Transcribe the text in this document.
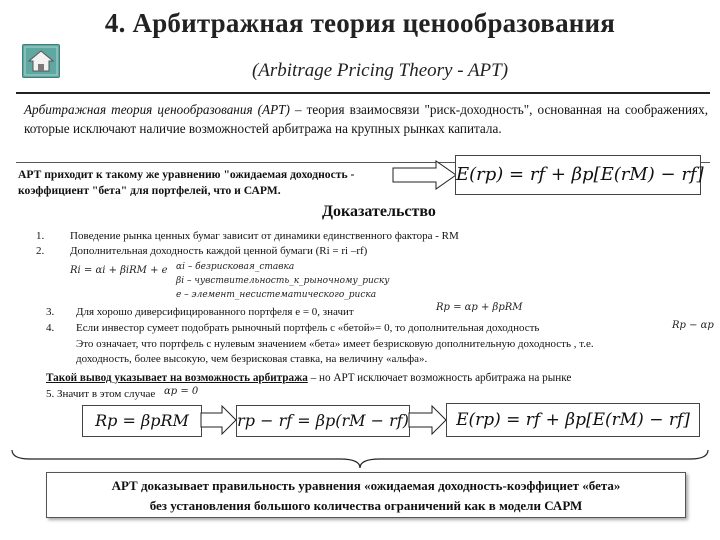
4. Арбитражная теория ценообразования
(Arbitrage Pricing Theory - APT)
Арбитражная теория ценообразования (APT) – теория взаимосвязи "риск-доходность", основанная на соображениях, которые исключают наличие возможностей арбитража на крупных рынках капитала.
АРТ приходит к такому же уравнению "ожидаемая доходность - коэффициент "бета" для портфелей, что и САРМ.
E(rp) = rf + βp[E(rM) − rf]
Доказательство
1. Поведение рынка ценных бумаг зависит от динамики единственного фактора - RM
2. Дополнительная доходность каждой ценной бумаги (Ri = ri –rf)
Ri = αi + βiRM + e αi – безрисковая_ставка
βi – чувствительность_к_рыночному_риску
e – элемент_несистематического_риска
3. Для хорошо диверсифицированного портфеля e = 0, значит	Rp = αp + βpRM
4. Если инвестор сумеет подобрать рыночный портфель с «бетой»= 0, то дополнительная доходность	Rp − αp
Это означает, что портфель с нулевым значением «бета» имеет безрисковую дополнительную доходность , т.е. доходность, более высокую, чем безрисковая ставка, на величину «альфа».
Такой вывод указывает на возможность арбитража – но APT исключает возможность арбитража на рынке
5. Значит в этом случае αp = 0
Rp = βpRM	rp − rf = βp(rM − rf)	E(rp) = rf + βp[E(rM) − rf]
АРТ доказывает правильность уравнения «ожидаемая доходность-коэффициет «бета»
без установления большого количества ограничений как в модели САРМ
